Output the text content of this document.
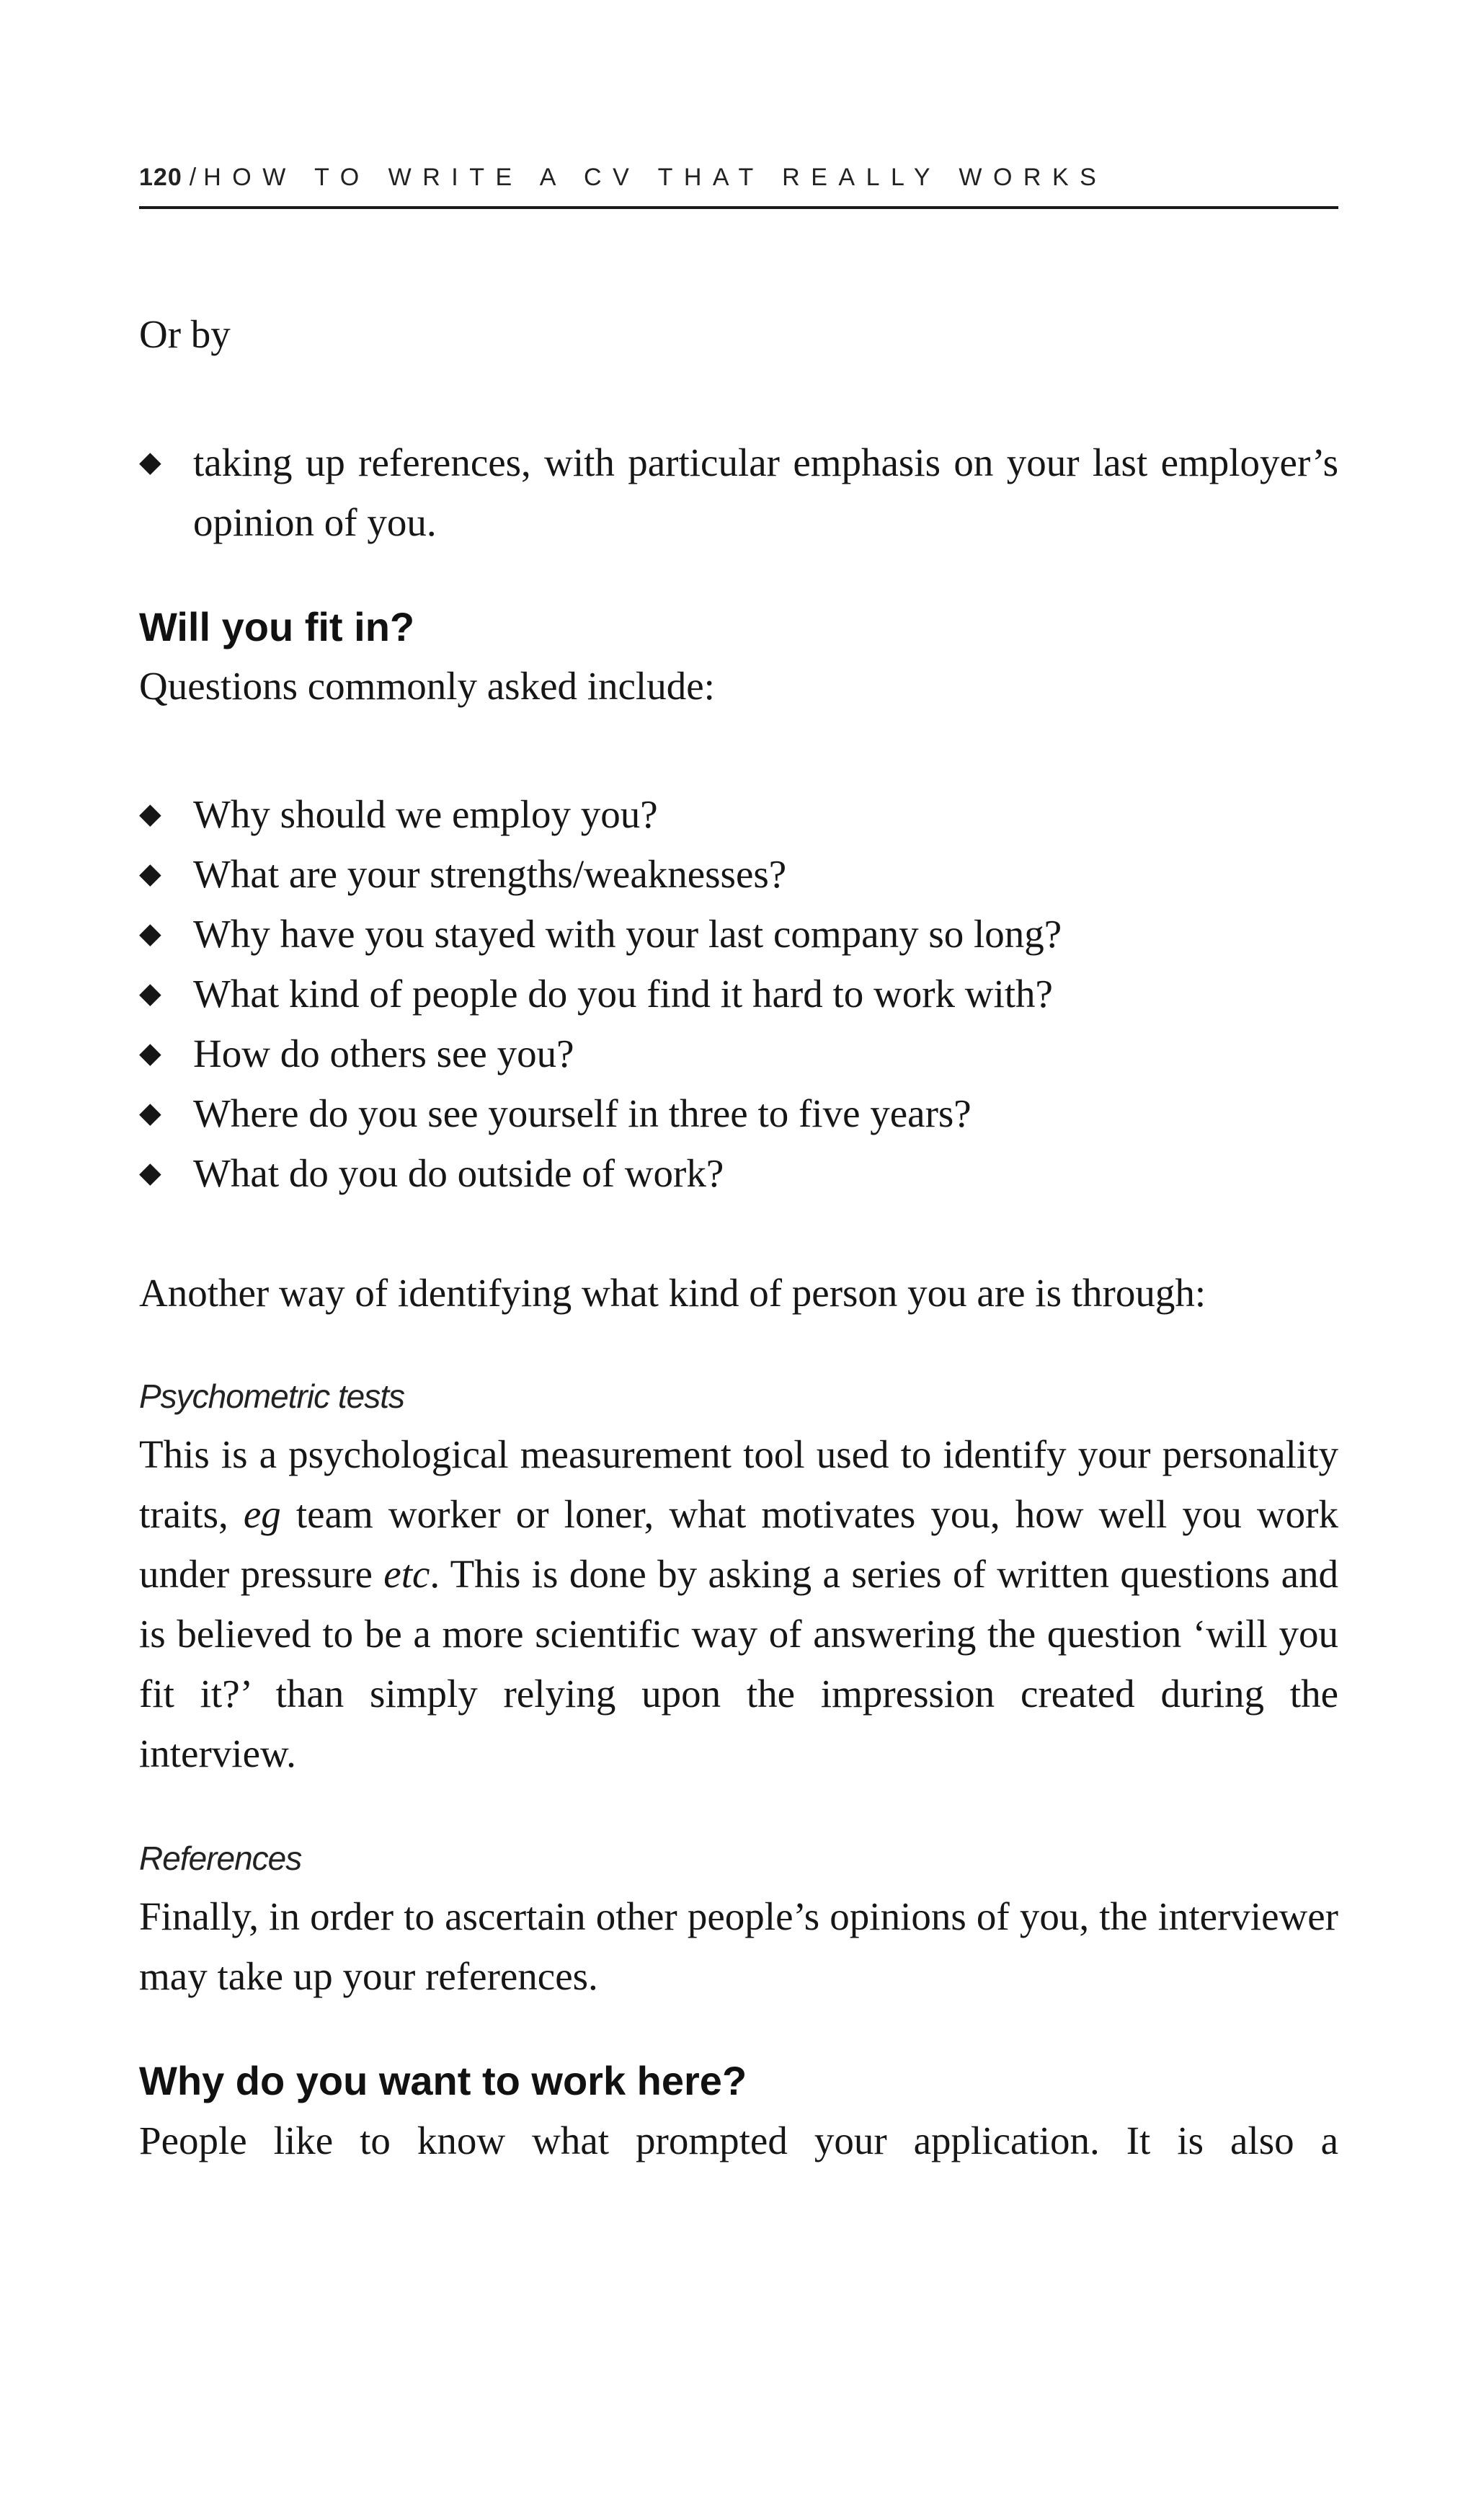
120 / HOW TO WRITE A CV THAT REALLY WORKS

Or by

◆ taking up references, with particular emphasis on your last employer’s opinion of you.
Will you fit in?

Questions commonly asked include:

◆ Why should we employ you?
◆ What are your strengths/weaknesses?
◆ Why have you stayed with your last company so long?
◆ What kind of people do you find it hard to work with?
◆ How do others see you?
◆ Where do you see yourself in three to five years?
◆ What do you do outside of work?

Another way of identifying what kind of person you are is through:

Psychometric tests

This is a psychological measurement tool used to identify your personality traits, eg team worker or loner, what motivates you, how well you work under pressure etc. This is done by asking a series of written questions and is believed to be a more scientific way of answering the question ‘will you fit it?’ than simply relying upon the impression created during the interview.

References

Finally, in order to ascertain other people’s opinions of you, the interviewer may take up your references.

Why do you want to work here?

People like to know what prompted your application. It is also a
